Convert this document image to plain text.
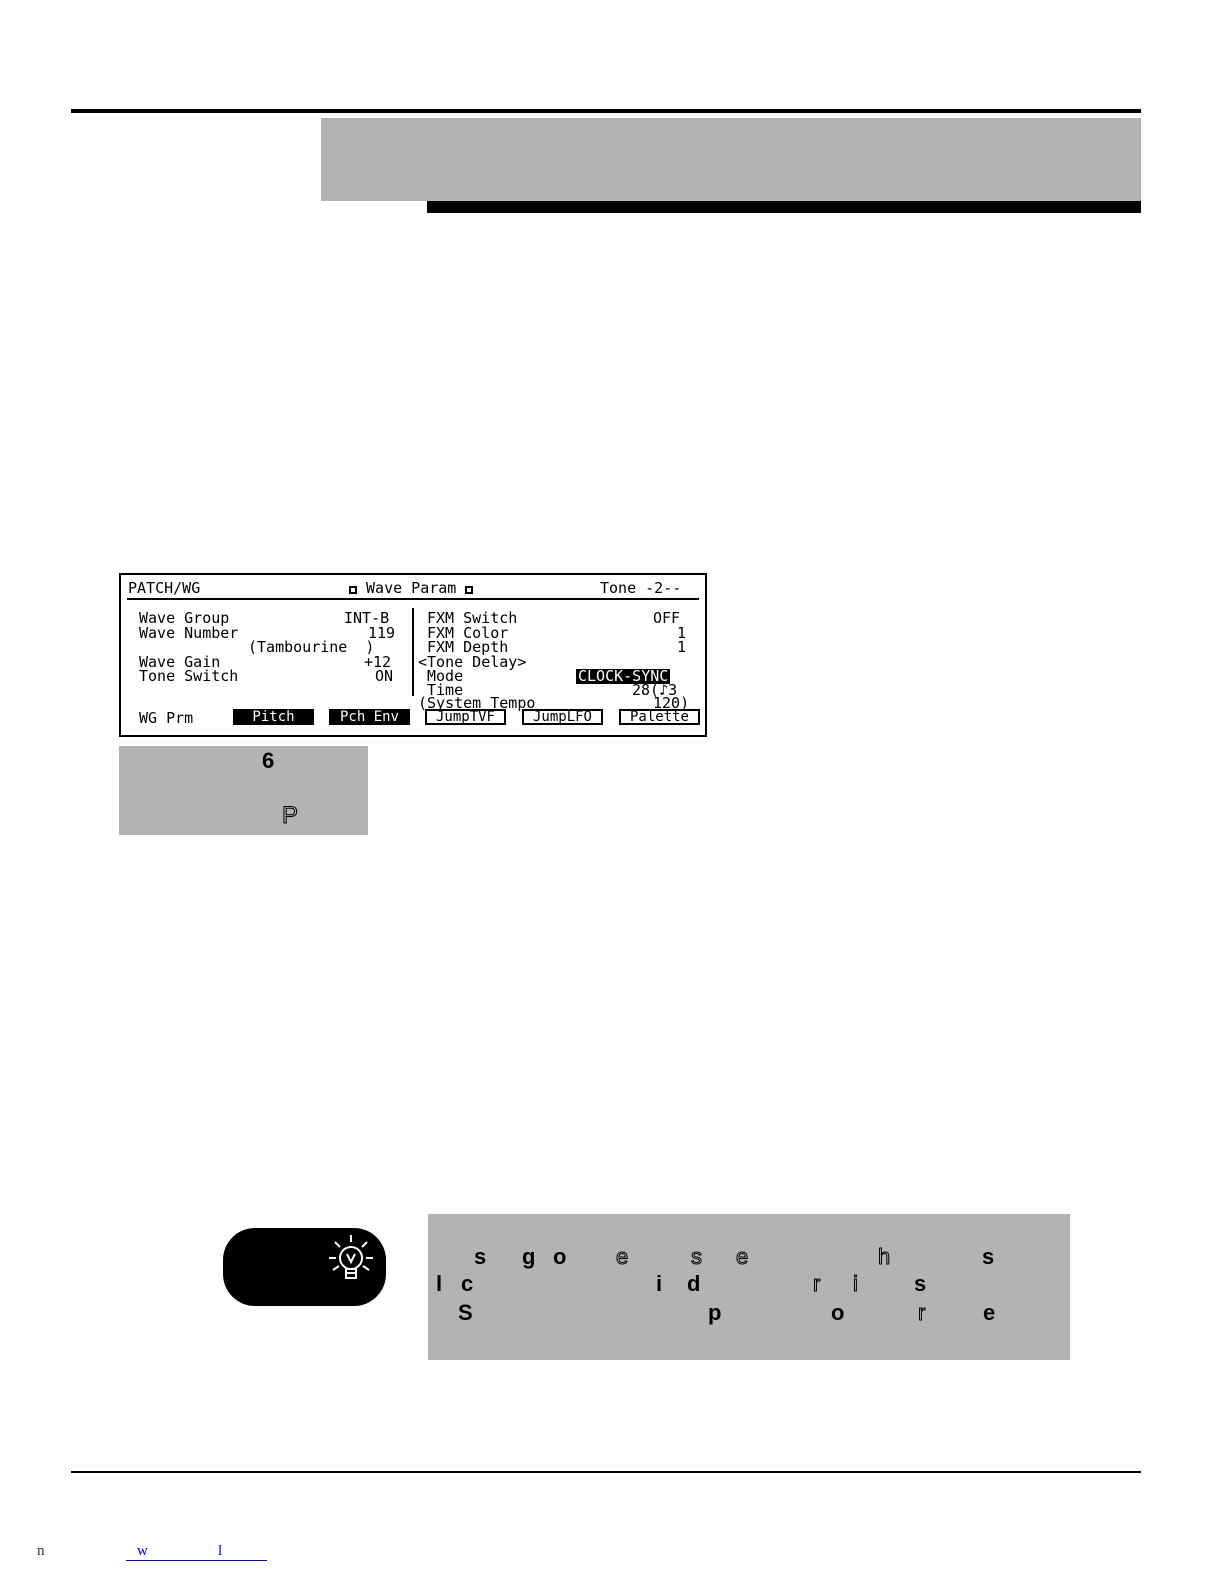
PATCH/WG	Wave Param	Tone -2--
Wave Group	INT-B
Wave Number	119
(Tambourine  )
Wave Gain	+12
Tone Switch	ON
FXM Switch	OFF
FXM Color	1
FXM Depth	1
<Tone Delay>
Mode	CLOCK-SYNC
Time	28(♪3
(System Tempo	120)
WG Prm	Pitch	Pch Env	JumpTVF	JumpLFO	Palette
6
P
s g o e	s e	h	s
l c	i d	r i	s
S	p	o	r	e
n	w	l
